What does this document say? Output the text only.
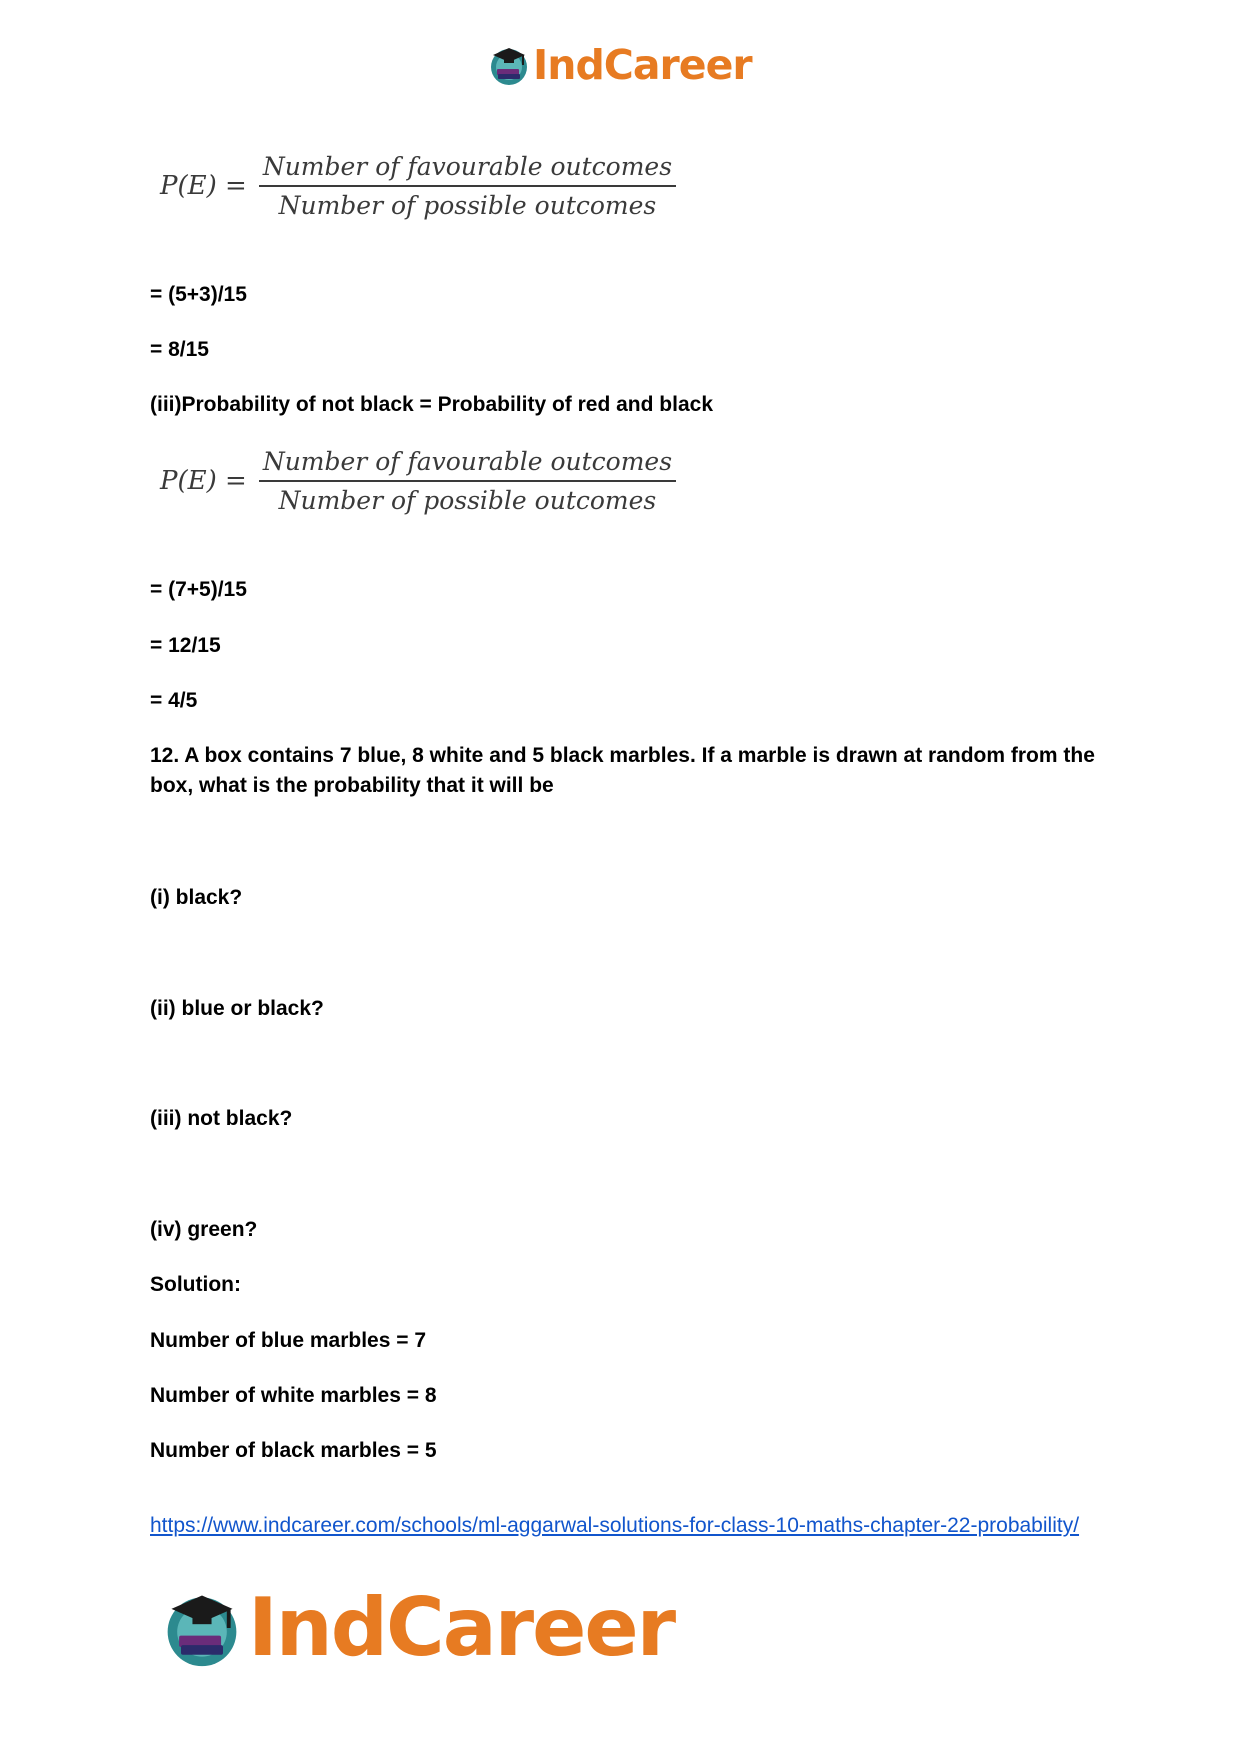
IndCareer
$P(E) = \frac{\text{Number of favourable outcomes}}{\text{Number of possible outcomes}}$
= (5+3)/15
= 8/15
(iii)Probability of not black = Probability of red and black
$P(E) = \frac{\text{Number of favourable outcomes}}{\text{Number of possible outcomes}}$
= (7+5)/15
= 12/15
= 4/5
12. A box contains 7 blue, 8 white and 5 black marbles. If a marble is drawn at random from the box, what is the probability that it will be
(i) black?
(ii) blue or black?
(iii) not black?
(iv) green?
Solution:
Number of blue marbles = 7
Number of white marbles = 8
Number of black marbles = 5
https://www.indcareer.com/schools/ml-aggarwal-solutions-for-class-10-maths-chapter-22-probability/
IndCareer
